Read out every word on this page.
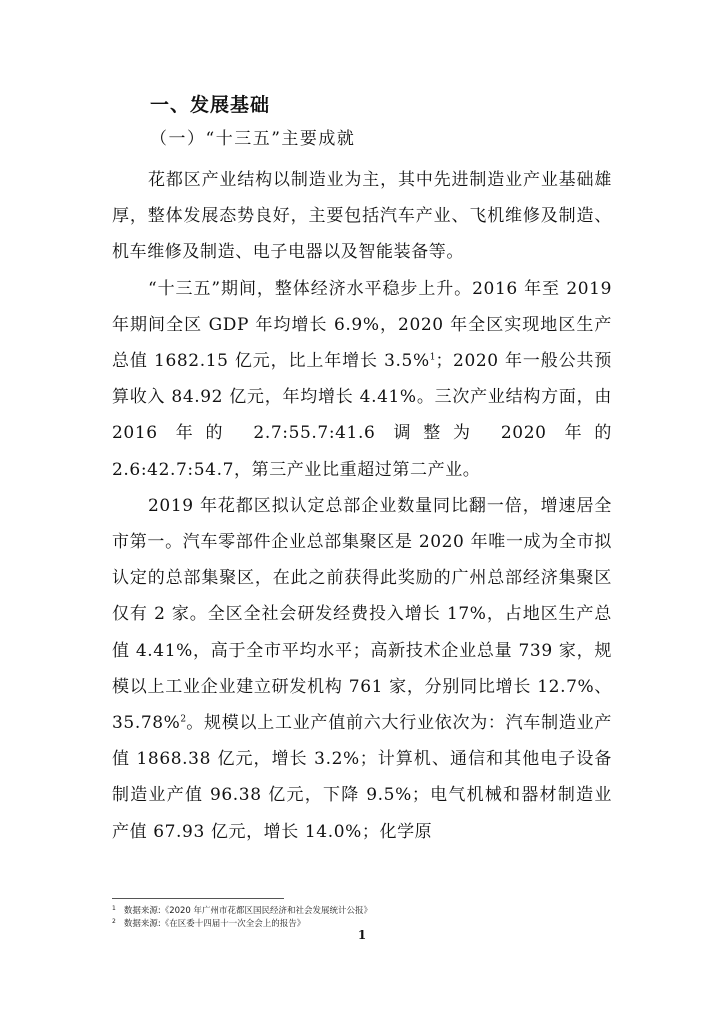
一、发展基础
（一）“十三五”主要成就

花都区产业结构以制造业为主，其中先进制造业产业基础雄厚，整体发展态势良好，主要包括汽车产业、飞机维修及制造、机车维修及制造、电子电器以及智能装备等。

“十三五”期间，整体经济水平稳步上升。2016 年至 2019 年期间全区 GDP 年均增长 6.9%，2020 年全区实现地区生产总值 1682.15 亿元，比上年增长 3.5%$^1$；2020 年一般公共预算收入 84.92 亿元，年均增长 4.41%。三次产业结构方面，由 2016 年的 2.7:55.7:41.6 调整为 2020 年的 2.6:42.7:54.7，第三产业比重超过第二产业。

2019 年花都区拟认定总部企业数量同比翻一倍，增速居全市第一。汽车零部件企业总部集聚区是 2020 年唯一成为全市拟认定的总部集聚区，在此之前获得此奖励的广州总部经济集聚区仅有 2 家。全区全社会研发经费投入增长 17%，占地区生产总值 4.41%，高于全市平均水平；高新技术企业总量 739 家，规模以上工业企业建立研发机构 761 家，分别同比增长 12.7%、35.78%$^2$。规模以上工业产值前六大行业依次为：汽车制造业产值 1868.38 亿元，增长 3.2%；计算机、通信和其他电子设备制造业产值 96.38 亿元，下降 9.5%；电气机械和器材制造业产值 67.93 亿元，增长 14.0%；化学原

1 数据来源:《2020 年广州市花都区国民经济和社会发展统计公报》
2 数据来源:《在区委十四届十一次全会上的报告》
1
